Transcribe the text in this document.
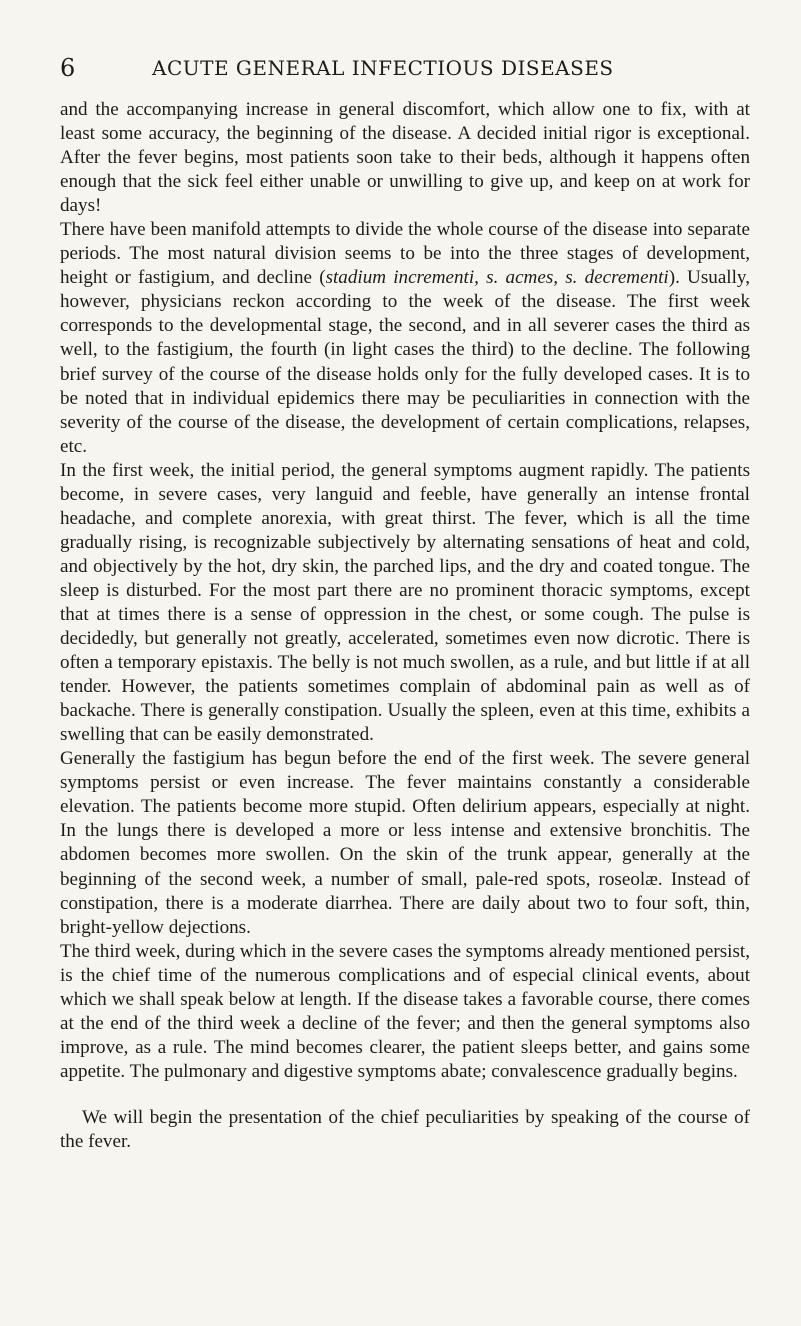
6	ACUTE GENERAL INFECTIOUS DISEASES

and the accompanying increase in general discomfort, which allow one to fix, with at least some accuracy, the beginning of the disease. A decided initial rigor is exceptional. After the fever begins, most patients soon take to their beds, although it happens often enough that the sick feel either unable or unwilling to give up, and keep on at work for days!

There have been manifold attempts to divide the whole course of the disease into separate periods. The most natural division seems to be into the three stages of development, height or fastigium, and decline (stadium incrementi, s. acmes, s. decrementi). Usually, however, physicians reckon according to the week of the disease. The first week corresponds to the developmental stage, the second, and in all severer cases the third as well, to the fastigium, the fourth (in light cases the third) to the decline. The following brief survey of the course of the disease holds only for the fully developed cases. It is to be noted that in individual epidemics there may be peculiarities in connection with the severity of the course of the disease, the development of certain complications, relapses, etc.

In the first week, the initial period, the general symptoms augment rapidly. The patients become, in severe cases, very languid and feeble, have generally an intense frontal headache, and complete anorexia, with great thirst. The fever, which is all the time gradually rising, is recognizable subjectively by alternating sensations of heat and cold, and objectively by the hot, dry skin, the parched lips, and the dry and coated tongue. The sleep is disturbed. For the most part there are no prominent thoracic symptoms, except that at times there is a sense of oppression in the chest, or some cough. The pulse is decidedly, but generally not greatly, accelerated, sometimes even now dicrotic. There is often a temporary epistaxis. The belly is not much swollen, as a rule, and but little if at all tender. However, the patients sometimes complain of abdominal pain as well as of backache. There is generally constipation. Usually the spleen, even at this time, exhibits a swelling that can be easily demonstrated.

Generally the fastigium has begun before the end of the first week. The severe general symptoms persist or even increase. The fever maintains constantly a considerable elevation. The patients become more stupid. Often delirium appears, especially at night. In the lungs there is developed a more or less intense and extensive bronchitis. The abdomen becomes more swollen. On the skin of the trunk appear, generally at the beginning of the second week, a number of small, pale-red spots, roseolæ. Instead of constipation, there is a moderate diarrhea. There are daily about two to four soft, thin, bright-yellow dejections.

The third week, during which in the severe cases the symptoms already mentioned persist, is the chief time of the numerous complications and of especial clinical events, about which we shall speak below at length. If the disease takes a favorable course, there comes at the end of the third week a decline of the fever; and then the general symptoms also improve, as a rule. The mind becomes clearer, the patient sleeps better, and gains some appetite. The pulmonary and digestive symptoms abate; convalescence gradually begins.

We will begin the presentation of the chief peculiarities by speaking of the course of the fever.
